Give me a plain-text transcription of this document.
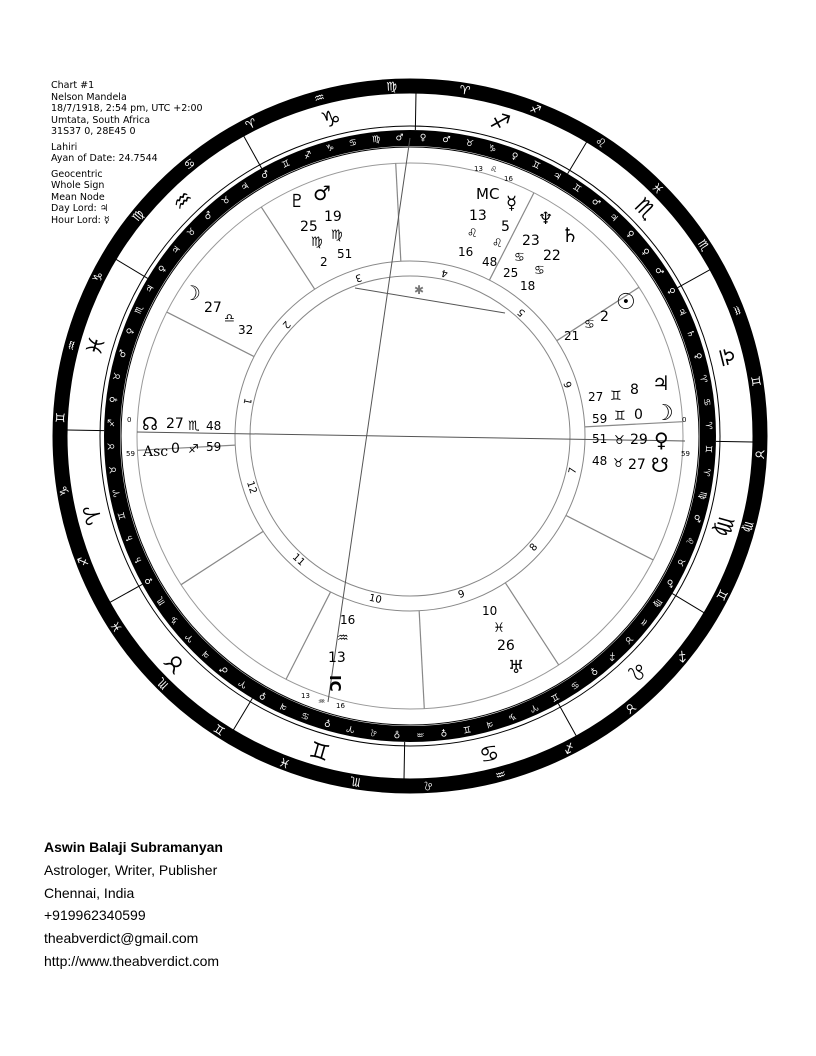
Chart #1
Nelson Mandela
18/7/1918, 2:54 pm, UTC +2:00
Umtata, South Africa
31S37 0, 28E45 0
Lahiri
Ayan of Date: 24.7544
Geocentric
Whole Sign
Mean Node
Day Lord: ♃
Hour Lord: ☿
♍	♈
♐
♌
♓
♏
♒
♊
♉
♍
♊
♐
♉
♐
♒
♌
♏
♓
♊
♏
♓
♐
♑
♊
♒
♑
♍
♋
♈
♒
♍
♌
♋
♊
♉
♈
♓
♒
♑	♐
♏
♎
♂ ♀ ♂ ♉ ♑
♀
♊
♃
♊
♂
♃
♀
♀
♂
♀
♃
♄
♀
♈
♋
♈
♊
♈
♍
♂
♌
♉
♂
♍
♒
♉
♐
♀
♋
♊
♈
♑
♃
♊
♀
♒
♀
♌
♈
♀
♋
♃
♀
♈
♂
♃
♈
♑
♏
♀
♄
♄
♊
♈
♉
♉
♐
♀
♉
♂
♀
♏
♃
♀
♃
♉
♂
♉
♃
♂
♊
♐
♑ ♋ ♍
1
2
3	4
5
6
7
8
9
10
11
12
✱
13 ♌
16
13
♒ 16
0
59
0
59
♂
19
♍
51
♇
25
♍
2
MC
13
♌
16
☿
5
♌
48
♄
23
♋
25
♆
22
♋
18
☉
2
♋
21
♃
8
♊
27
☽
0
♊
59
♀
29
♉
51
☋
27
♉
48
☊ 27 ♏ 48
Asc 0 ♐ 59
☽
27
♎
32
16
♒
13
IC
10
♓
26
♅
Aswin Balaji Subramanyan
Astrologer, Writer, Publisher
Chennai, India
+919962340599
theabverdict@gmail.com
http://www.theabverdict.com
